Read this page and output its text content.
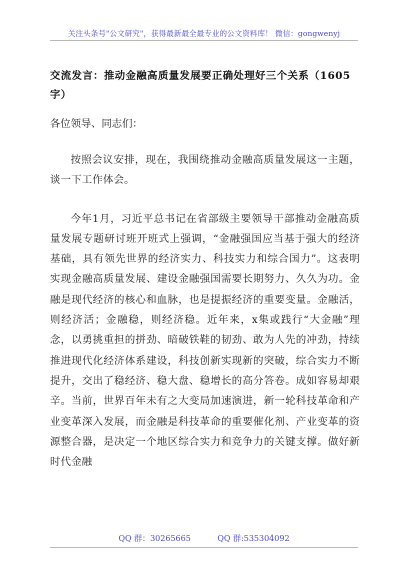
关注头条号"公文研究"，获得最新最全最专业的公文资料库！ 微信：gongwenyj

交流发言：推动金融高质量发展要正确处理好三个关系（1605字）

各位领导、同志们：

按照会议安排，现在，我围绕推动金融高质量发展这一主题，谈一下工作体会。

今年1月，习近平总书记在省部级主要领导干部推动金融高质量发展专题研讨班开班式上强调，“金融强国应当基于强大的经济基础，具有领先世界的经济实力、科技实力和综合国力”。这表明实现金融高质量发展、建设金融强国需要长期努力、久久为功。金融是现代经济的核心和血脉，也是提振经济的重要变量。金融活，则经济活；金融稳，则经济稳。近年来，x集或践行“大金融”理念，以勇挑重担的拼劲、暗破铁鞋的韧劲、敢为人先的冲劲，持续推进现代化经济体系建设，科技创新实现新的突破，综合实力不断提升，交出了稳经济、稳大盘、稳增长的高分答卷。成如容易却艰辛。当前，世界百年未有之大变局加速演进，新一轮科技革命和产业变革深入发展，而金融是科技革命的重要催化剂、产业变革的资源整合器，是决定一个地区综合实力和竞争力的关键支撑。做好新时代金融

QQ 群：30265665	QQ 群:535304092
